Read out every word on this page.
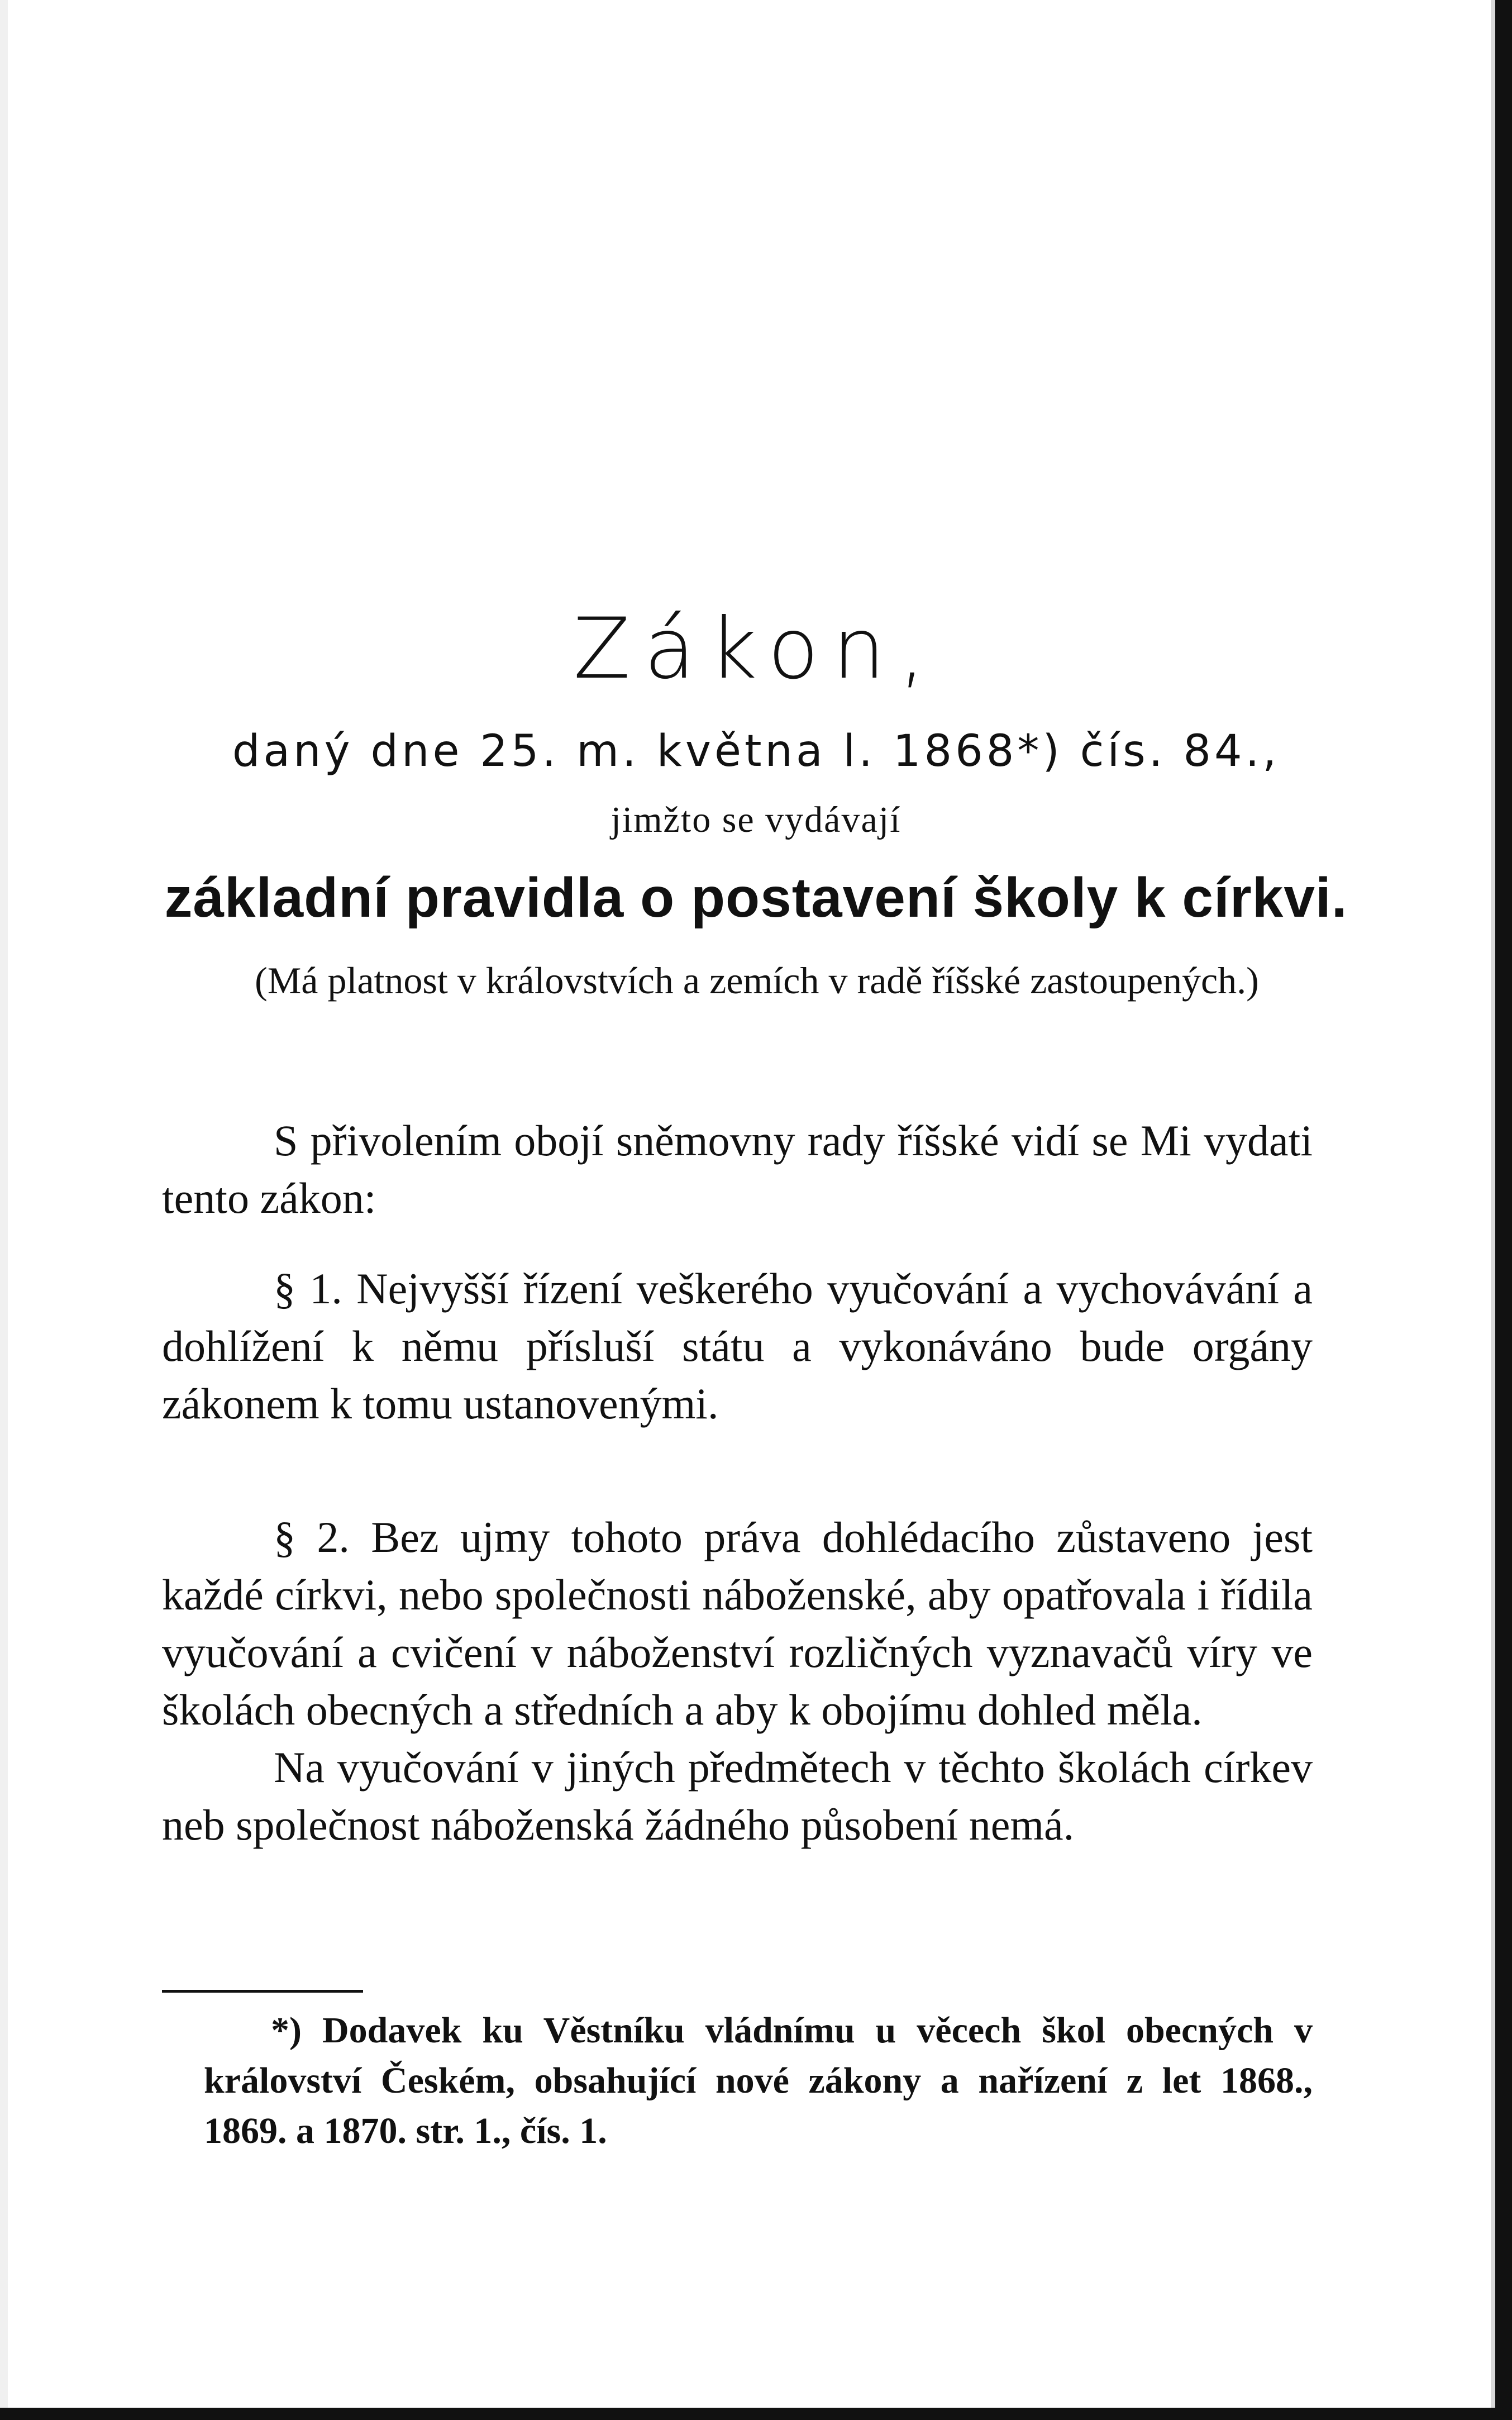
Zákon,
daný dne 25. m. května l. 1868*) čís. 84.,
jimžto se vydávají
základní pravidla o postavení školy k církvi.
(Má platnost v královstvích a zemích v radě říšské zastoupených.)

S přivolením obojí sněmovny rady říšské vidí se Mi vydati tento zákon:

§ 1. Nejvyšší řízení veškerého vyučování a vychovávání a dohlížení k němu přísluší státu a vykonáváno bude orgány zákonem k tomu ustanovenými.

§ 2. Bez ujmy tohoto práva dohlédacího zůstaveno jest každé církvi, nebo společnosti náboženské, aby opatřovala i řídila vyučování a cvičení v náboženství rozličných vyznavačů víry ve školách obecných a středních a aby k obojímu dohled měla.

Na vyučování v jiných předmětech v těchto školách církev neb společnost náboženská žádného působení nemá.

*) Dodavek ku Věstníku vládnímu u věcech škol obecných v království Českém, obsahující nové zákony a nařízení z let 1868., 1869. a 1870. str. 1., čís. 1.
